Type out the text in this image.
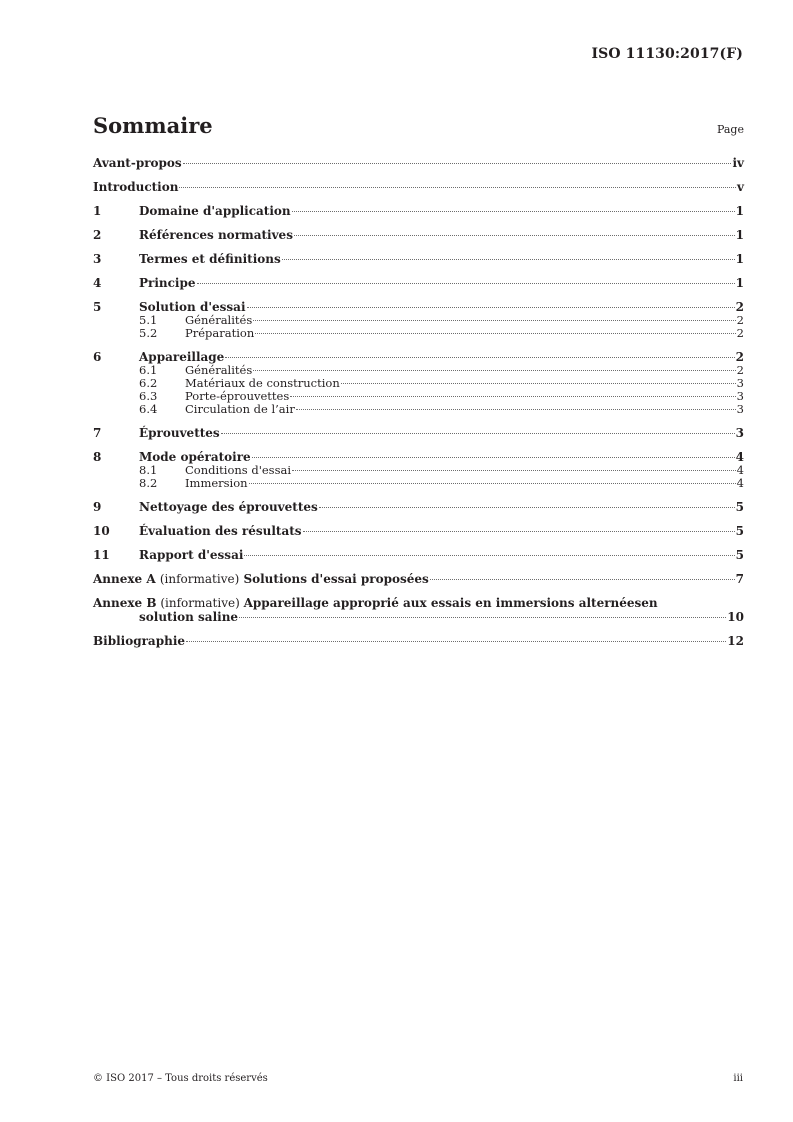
ISO 11130:2017(F)
Sommaire	Page
Avant-propos	iv
Introduction	v
1	Domaine d'application	1
2	Références normatives	1
3	Termes et définitions	1
4	Principe	1
5	Solution d'essai	2
5.1	Généralités	2
5.2	Préparation	2
6	Appareillage	2
6.1	Généralités	2
6.2	Matériaux de construction	3
6.3	Porte-éprouvettes	3
6.4	Circulation de l’air	3
7	Éprouvettes	3
8	Mode opératoire	4
8.1	Conditions d'essai	4
8.2	Immersion	4
9	Nettoyage des éprouvettes	5
10	Évaluation des résultats	5
11	Rapport d'essai	5
Annexe A (informative) Solutions d'essai proposées	7
Annexe B (informative) Appareillage approprié aux essais en immersions alternéesen
solution saline	10
Bibliographie	12
© ISO 2017 – Tous droits réservés	iii
